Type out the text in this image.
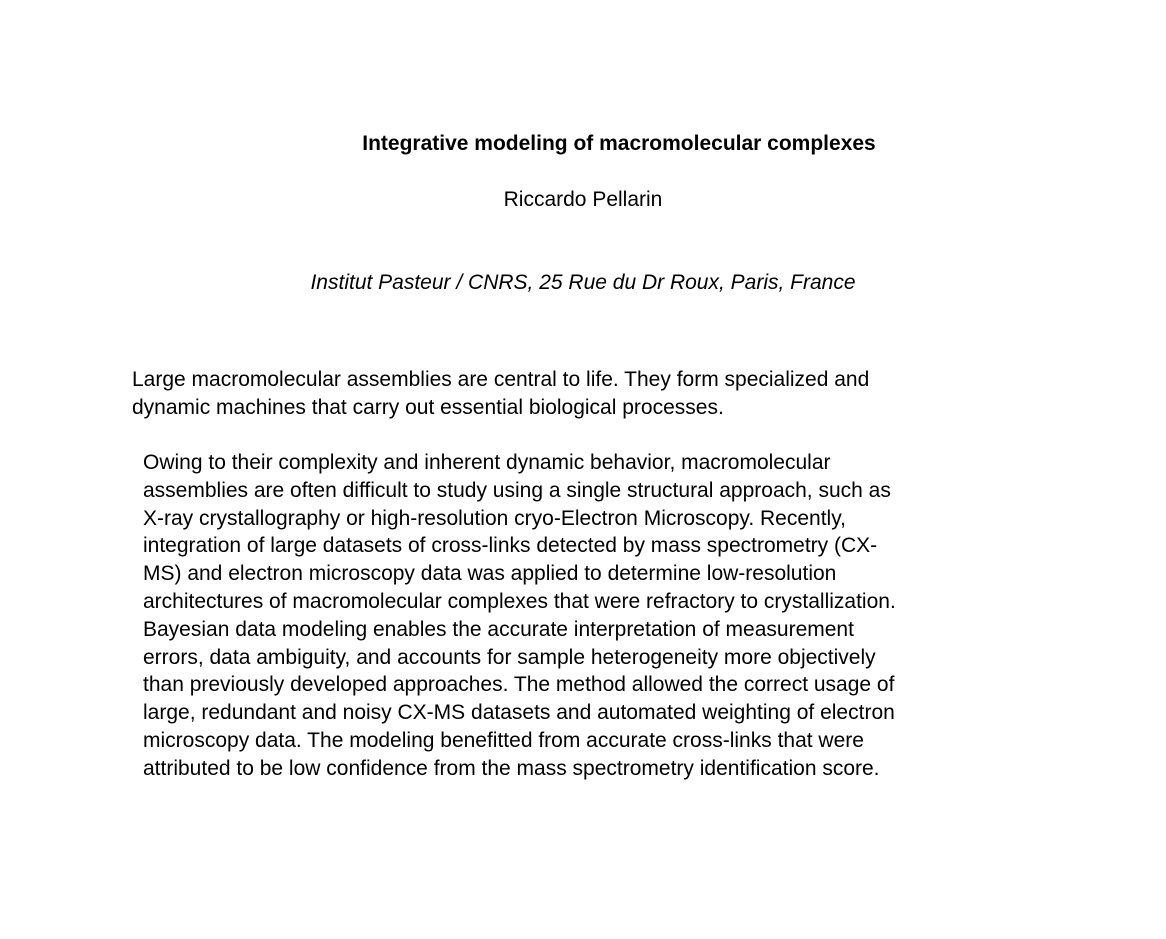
Integrative modeling of macromolecular complexes
Riccardo Pellarin
Institut Pasteur / CNRS, 25 Rue du Dr Roux, Paris, France
Large macromolecular assemblies are central to life. They form specialized and
dynamic machines that carry out essential biological processes.
Owing to their complexity and inherent dynamic behavior, macromolecular
assemblies are often difficult to study using a single structural approach, such as
X-ray crystallography or high-resolution cryo-Electron Microscopy. Recently,
integration of large datasets of cross-links detected by mass spectrometry (CX-
MS) and electron microscopy data was applied to determine low-resolution
architectures of macromolecular complexes that were refractory to crystallization.
Bayesian data modeling enables the accurate interpretation of measurement
errors, data ambiguity, and accounts for sample heterogeneity more objectively
than previously developed approaches. The method allowed the correct usage of
large, redundant and noisy CX-MS datasets and automated weighting of electron
microscopy data. The modeling benefitted from accurate cross-links that were
attributed to be low confidence from the mass spectrometry identification score.
